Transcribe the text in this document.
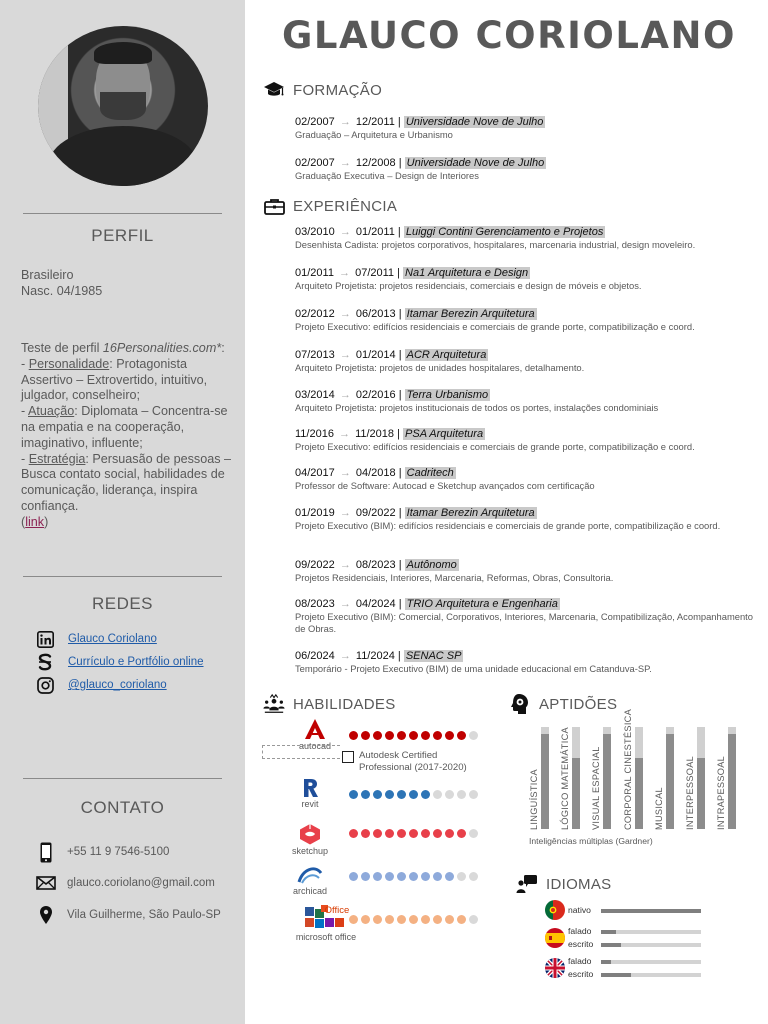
PERFIL
Brasileiro
Nasc. 04/1985
Teste de perfil 16Personalities.com*:
- Personalidade: Protagonista Assertivo – Extrovertido, intuitivo, julgador, conselheiro;
- Atuação: Diplomata – Concentra-se na empatia e na cooperação, imaginativo, influente;
- Estratégia: Persuasão de pessoas – Busca contato social, habilidades de comunicação, liderança, inspira confiança.
(link)
REDES
Glauco Coriolano
Currículo e Portfólio online
@glauco_coriolano
CONTATO
+55 11 9 7546-5100
glauco.coriolano@gmail.com
Vila Guilherme, São Paulo-SP
GLAUCO CORIOLANO
FORMAÇÃO
02/2007 → 12/2011 | Universidade Nove de Julho
Graduação – Arquitetura e Urbanismo
02/2007 → 12/2008 | Universidade Nove de Julho
Graduação Executiva – Design de Interiores
EXPERIÊNCIA
03/2010 → 01/2011 | Luiggi Contini Gerenciamento e Projetos
Desenhista Cadista: projetos corporativos, hospitalares, marcenaria industrial, design moveleiro.
01/2011 → 07/2011 | Na1 Arquitetura e Design
Arquiteto Projetista: projetos residenciais, comerciais e design de móveis e objetos.
02/2012 → 06/2013 | Itamar Berezin Arquitetura
Projeto Executivo: edifícios residenciais e comerciais de grande porte, compatibilização e coord.
07/2013 → 01/2014 | ACR Arquitetura
Arquiteto Projetista: projetos de unidades hospitalares, detalhamento.
03/2014 → 02/2016 | Terra Urbanismo
Arquiteto Projetista: projetos institucionais de todos os portes, instalações condominiais
11/2016 → 11/2018 | PSA Arquitetura
Projeto Executivo: edifícios residenciais e comerciais de grande porte, compatibilização e coord.
04/2017 → 04/2018 | Cadritech
Professor de Software: Autocad e Sketchup avançados com certificação
01/2019 → 09/2022 | Itamar Berezin Arquitetura
Projeto Executivo (BIM): edifícios residenciais e comerciais de grande porte, compatibilização e coord.
09/2022 → 08/2023 | Autônomo
Projetos Residenciais, Interiores, Marcenaria, Reformas, Obras, Consultoria.
08/2023 → 04/2024 | TRIO Arquitetura e Engenharia
Projeto Executivo (BIM): Comercial, Corporativos, Interiores, Marcenaria, Compatibilização, Acompanhamento de Obras.
06/2024 → 11/2024 | SENAC SP
Temporário - Projeto Executivo (BIM) de uma unidade educacional em Catanduva-SP.
HABILIDADES
autocad
revit
sketchup
archicad
Office
microsoft office
Autodesk Certified
Professional (2017-2020)
APTIDÕES
LINGUÍSTICA LÓGICO MATEMÁTICA VISUAL ESPACIAL CORPORAL CINESTÉSICA MUSICAL INTERPESSOAL INTRAPESSOAL
Inteligências múltiplas (Gardner)
IDIOMAS
nativo
falado
escrito
falado
escrito
